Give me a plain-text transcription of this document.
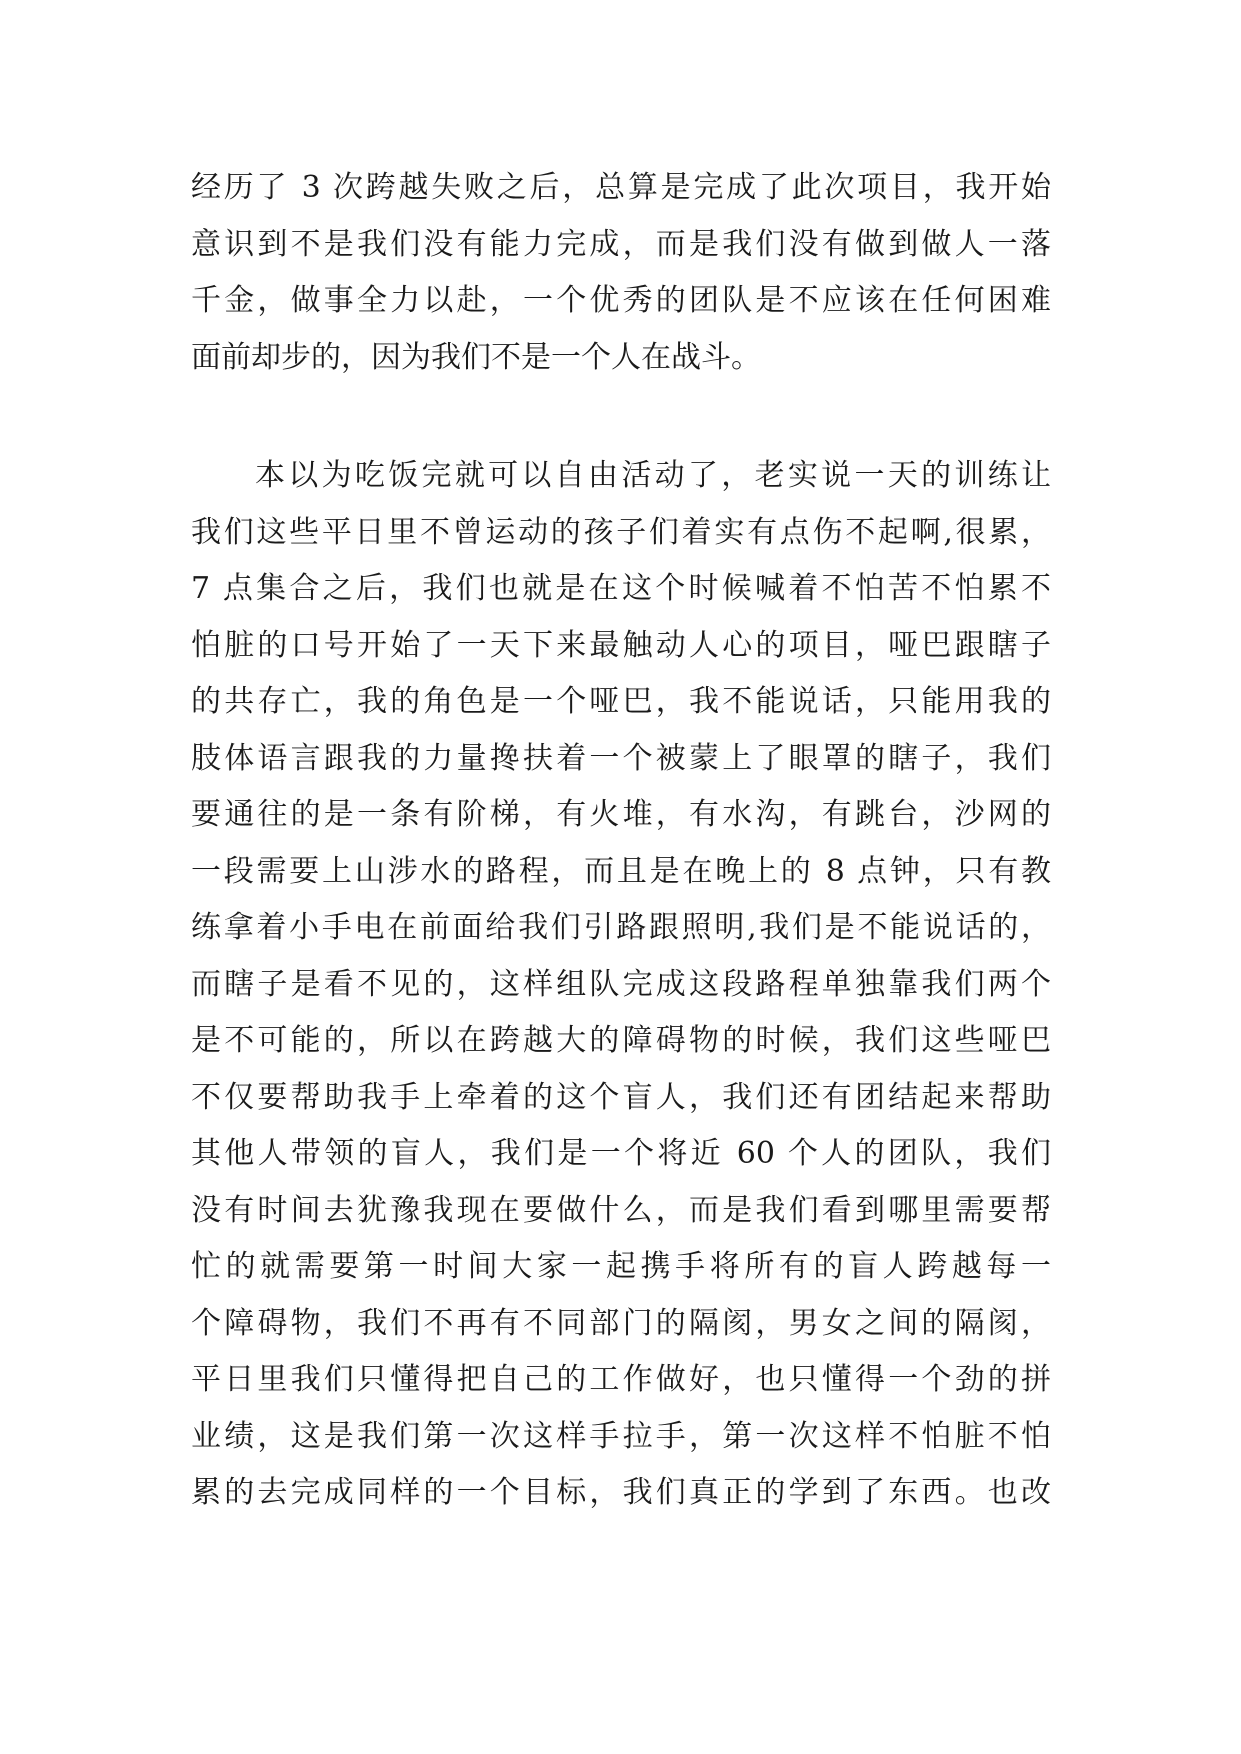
经历了 3 次跨越失败之后，总算是完成了此次项目，我开始
意识到不是我们没有能力完成，而是我们没有做到做人一落
千金，做事全力以赴，一个优秀的团队是不应该在任何困难
面前却步的，因为我们不是一个人在战斗。
本以为吃饭完就可以自由活动了，老实说一天的训练让
我们这些平日里不曾运动的孩子们着实有点伤不起啊,很累，
7 点集合之后，我们也就是在这个时候喊着不怕苦不怕累不
怕脏的口号开始了一天下来最触动人心的项目，哑巴跟瞎子
的共存亡，我的角色是一个哑巴，我不能说话，只能用我的
肢体语言跟我的力量搀扶着一个被蒙上了眼罩的瞎子，我们
要通往的是一条有阶梯，有火堆，有水沟，有跳台，沙网的
一段需要上山涉水的路程，而且是在晚上的 8 点钟，只有教
练拿着小手电在前面给我们引路跟照明,我们是不能说话的，
而瞎子是看不见的，这样组队完成这段路程单独靠我们两个
是不可能的，所以在跨越大的障碍物的时候，我们这些哑巴
不仅要帮助我手上牵着的这个盲人，我们还有团结起来帮助
其他人带领的盲人，我们是一个将近 60 个人的团队，我们
没有时间去犹豫我现在要做什么，而是我们看到哪里需要帮
忙的就需要第一时间大家一起携手将所有的盲人跨越每一
个障碍物，我们不再有不同部门的隔阂，男女之间的隔阂，
平日里我们只懂得把自己的工作做好，也只懂得一个劲的拼
业绩，这是我们第一次这样手拉手，第一次这样不怕脏不怕
累的去完成同样的一个目标，我们真正的学到了东西。也改
